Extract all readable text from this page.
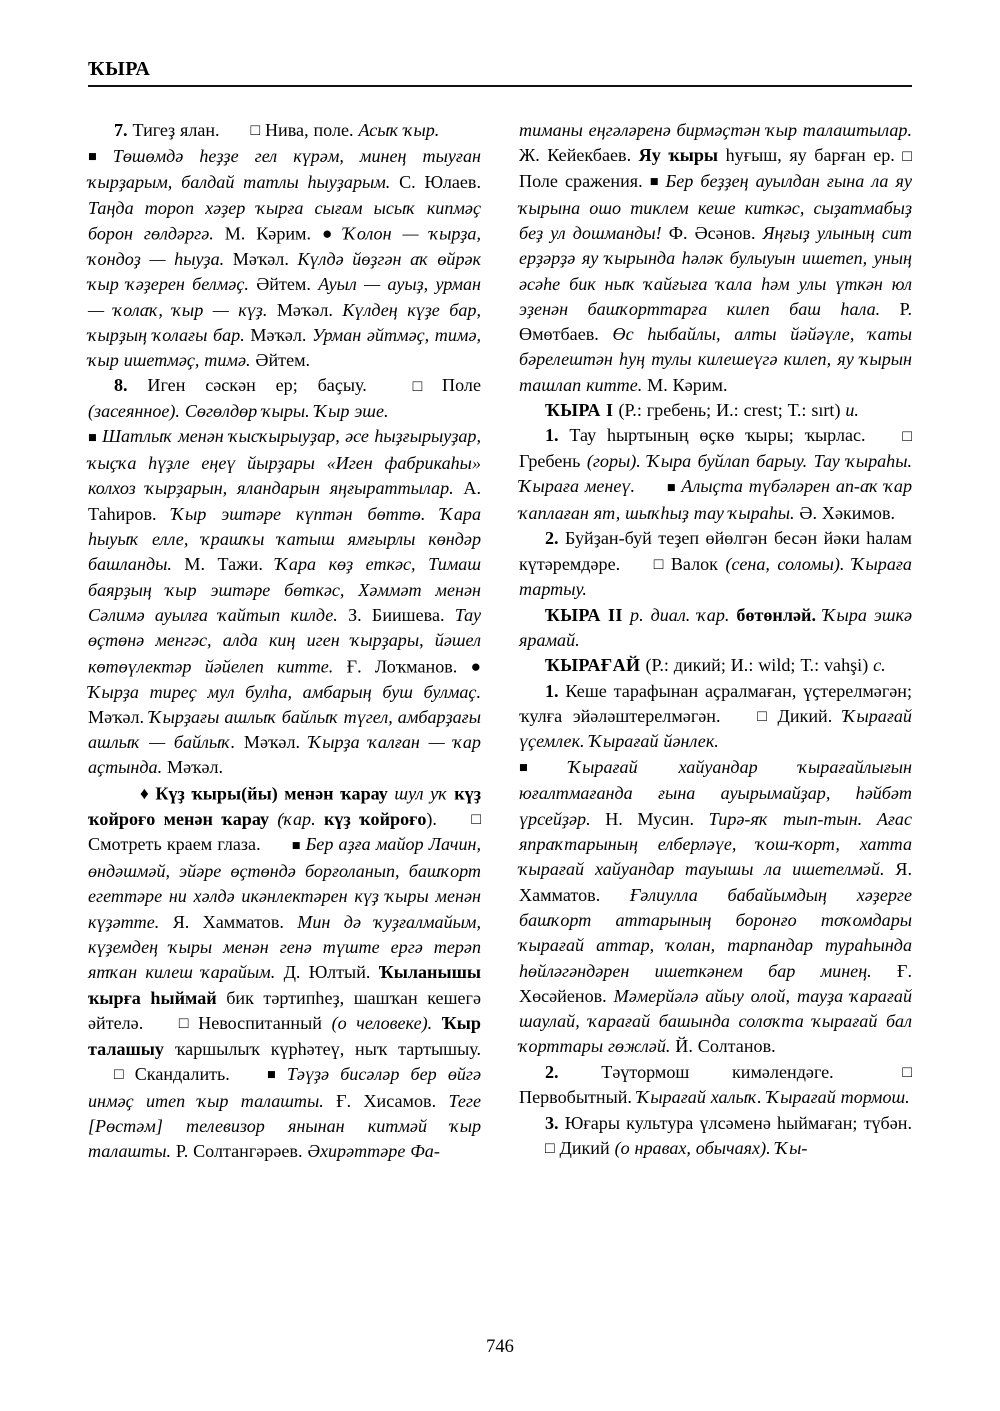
ҠЫРА

7. Тигеҙ ялан. □ Нива, поле. Асыҡ ҡыр.

■ Төшөмдә һеҙҙе гел күрәм, минең тыуған ҡырҙарым, балдай татлы һыуҙарым. С. Юлаев. Таңда тороп хәҙер ҡырға сығам ысыҡ кипмәҫ борон гөлдәргә. М. Кәрим. ● Ҡолон — ҡырҙа, ҡондоҙ — һыуҙа. Мәҡәл. Күлдә йөҙгән аҡ өйрәк ҡыр ҡәҙерен белмәҫ. Әйтем. Ауыл — ауыҙ, урман — ҡолаҡ, ҡыр — күҙ. Мәҡәл. Күлдең күҙе бар, ҡырҙың ҡолағы бар. Мәҡәл. Урман әйтмәҫ, тимә, ҡыр ишетмәҫ, тимә. Әйтем.

8. Иген сәскән ер; баҫыу. □ Поле (засеянное). Сөгөлдөр ҡыры. Ҡыр эше.

■ Шатлыҡ менән ҡысҡырыуҙар, әсе һыҙғырыуҙар, ҡыҫҡа һүҙле еңеү йырҙары «Иген фабрикаһы» колхоз ҡырҙарын, яландарын яңғыраттылар. А. Таһиров. Ҡыр эштәре күптән бөттө. Ҡара һыуыҡ елле, ҡрашҡы ҡатыш ямғырлы көндәр башланды. М. Тажи. Ҡара көҙ еткәс, Тимаш баярҙың ҡыр эштәре бөткәс, Хәммәт менән Сәлимә ауылға ҡайтып килде. З. Биишева. Тау өҫтөнә менгәс, алда киң иген ҡырҙары, йәшел көтөүлектәр йәйелеп китте. Ғ. Лоҡманов. ● Ҡырҙа тиреҫ мул булһа, амбарың буш булмаҫ. Мәҡәл. Ҡырҙағы ашлыҡ байлыҡ түгел, амбарҙағы ашлыҡ — байлыҡ. Мәҡәл. Ҡырҙа ҡалған — ҡар аҫтында. Мәҡәл.

♦ Күҙ ҡыры(йы) менән ҡарау шул уҡ күҙ ҡойроғо менән ҡарау (ҡар. күҙ ҡойроғо). □ Смотреть краем глаза. ■ Бер аҙға майор Лачин, өндәшмәй, эйәре өҫтөндә борғоланып, башҡорт егеттәре ни хәлдә икәнлектәрен күҙ ҡыры менән күҙәтте. Я. Хамматов. Мин дә ҡуҙғалмайым, күҙемдең ҡыры менән генә түште ергә терәп ятҡан килеш ҡарайым. Д. Юлтый. Ҡыланышы ҡырға һыймай бик тәртипһеҙ, шашҡан кешегә әйтелә. □ Невоспитанный (о человеке). Ҡыр талашыу ҡаршылыҡ күрһәтеү, ныҡ тартышыу. □ Скандалить. ■ Тәүҙә бисәләр бер өйгә инмәҫ итеп ҡыр талашты. Ғ. Хисамов. Теге [Рөстәм] телевизор янынан китмәй ҡыр талашты. Р. Солтангәрәев. Әхирәттәре Фа-

тиманы еңгәләренә бирмәҫтән ҡыр талаштылар. Ж. Кейекбаев. Яу ҡыры һуғыш, яу барған ер. □ Поле сражения. ■ Бер беҙҙең ауылдан ғына ла яу ҡырына ошо тиклем кеше киткәс, сыҙатмабыҙ беҙ ул дошманды! Ф. Әсәнов. Яңғыҙ улының сит ерҙәрҙә яу ҡырында һәләк булыуын ишетеп, уның әсәһе бик ныҡ ҡайғыға ҡала һәм улы үткән юл эҙенән башҡорттарға килеп баш һала. Р. Өмөтбаев. Өс һыбайлы, алты йәйәүле, ҡаты бәрелештән һуң тулы килешеүгә килеп, яу ҡырын ташлап китте. М. Кәрим.

ҠЫРА I (Р.: гребень; И.: crest; Т.: sırt) и.

1. Тау һыртының өҫкө ҡыры; ҡырлас. □ Гребень (горы). Ҡыра буйлап барыу. Тау ҡыраһы. Ҡыраға менеү. ■ Алыҫта түбәләрен ап-аҡ ҡар ҡаплаған ят, шыҡһыҙ тау ҡыраһы. Ә. Хәкимов.

2. Буйҙан-буй теҙеп өйөлгән бесән йәки һалам күтәремдәре. □ Валок (сена, соломы). Ҡыраға тартыу.

ҠЫРА II р. диал. ҡар. бөтөнләй. Ҡыра эшкә ярамай.

ҠЫРАҒАЙ (Р.: дикий; И.: wild; Т.: vahşi) с.

1. Кеше тарафынан аҫралмаған, үҫтерелмәгән; ҡулға эйәләштерелмәгән. □ Дикий. Ҡырағай үҫемлек. Ҡырағай йәнлек.

■ Ҡырағай хайуандар ҡырағайлығын юғалтмағанда ғына ауырымайҙар, һәйбәт үрсейҙәр. Н. Мусин. Тирә-яҡ тып-тын. Ағас япраҡтарының елберләүе, ҡош-ҡорт, хатта ҡырағай хайуандар тауышы ла ишетелмәй. Я. Хамматов. Ғәлиулла бабайымдың хәҙерге башҡорт аттарының боронғо тоҡомдары ҡырағай аттар, ҡолан, тарпандар тураһында һөйләгәндәрен ишеткәнем бар минең. Ғ. Хөсәйенов. Мәмерйәлә айыу олой, тауҙа ҡарағай шаулай, ҡарағай башында солоҡта ҡырағай бал ҡорттары гөжләй. Й. Солтанов.

2. Тәүтормош кимәлендәге. □ Первобытный. Ҡырағай халыҡ. Ҡырағай тормош.

3. Юғары культура үлсәменә һыймаған; түбән. □ Дикий (о нравах, обычаях). Ҡы-

746
